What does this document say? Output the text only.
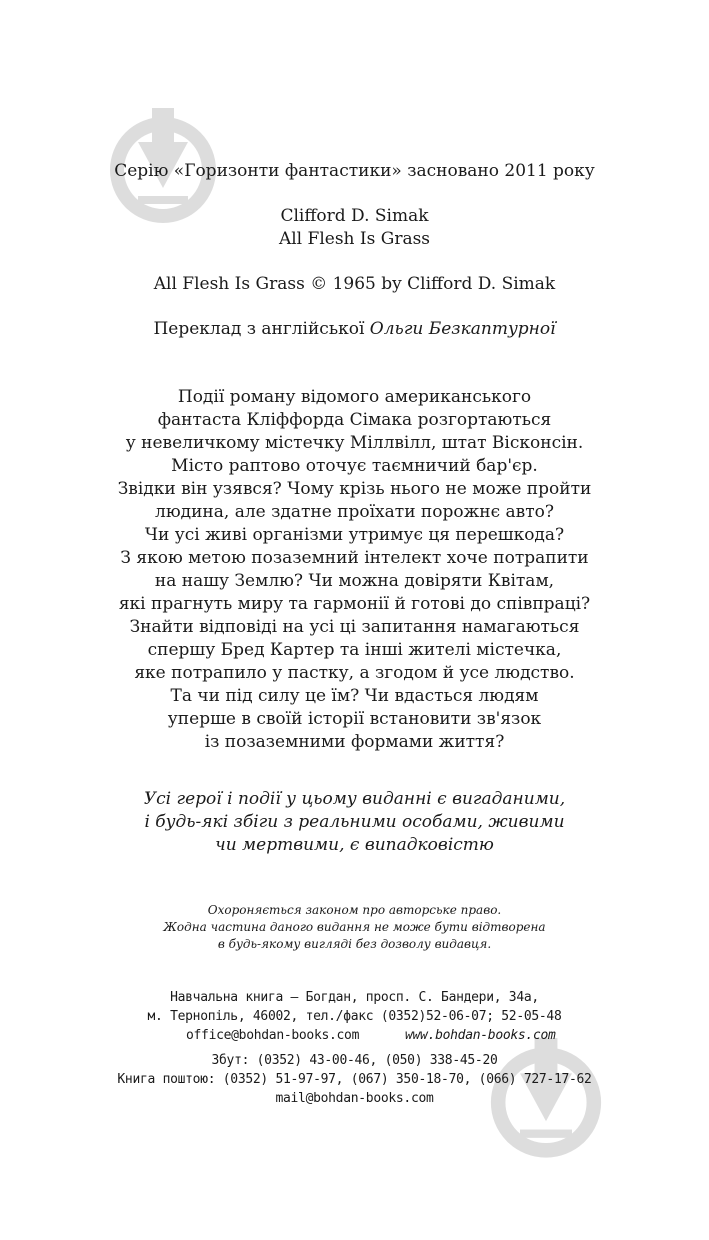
Серію «Горизонти фантастики» засновано 2011 року
Clifford D. Simak
All Flesh Is Grass
All Flesh Is Grass © 1965 by Clifford D. Simak
Переклад з англійської Ольги Безкаптурної
Події роману відомого американського
фантаста Кліффорда Сімака розгортаються
у невеличкому містечку Міллвілл, штат Вісконсін.
Місто раптово оточує таємничий бар'єр.
Звідки він узявся? Чому крізь нього не може пройти
людина, але здатне проїхати порожнє авто?
Чи усі живі організми утримує ця перешкода?
З якою метою позаземний інтелект хоче потрапити
на нашу Землю? Чи можна довіряти Квітам,
які прагнуть миру та гармонії й готові до співпраці?
Знайти відповіді на усі ці запитання намагаються
спершу Бред Картер та інші жителі містечка,
яке потрапило у пастку, а згодом й усе людство.
Та чи під силу це їм? Чи вдасться людям
уперше в своїй історії встановити зв'язок
із позаземними формами життя?
Усі герої і події у цьому виданні є вигаданими,
і будь-які збіги з реальними особами, живими
чи мертвими, є випадковістю
Охороняється законом про авторське право.
Жодна частина даного видання не може бути відтворена
в будь-якому вигляді без дозволу видавця.
Навчальна книга — Богдан, просп. С. Бандери, 34а,
м. Тернопіль, 46002, тел./факс (0352)52-06-07; 52-05-48
office@bohdan-books.com	www.bohdan-books.com
Збут: (0352) 43-00-46, (050) 338-45-20
Книга поштою: (0352) 51-97-97, (067) 350-18-70, (066) 727-17-62
mail@bohdan-books.com
